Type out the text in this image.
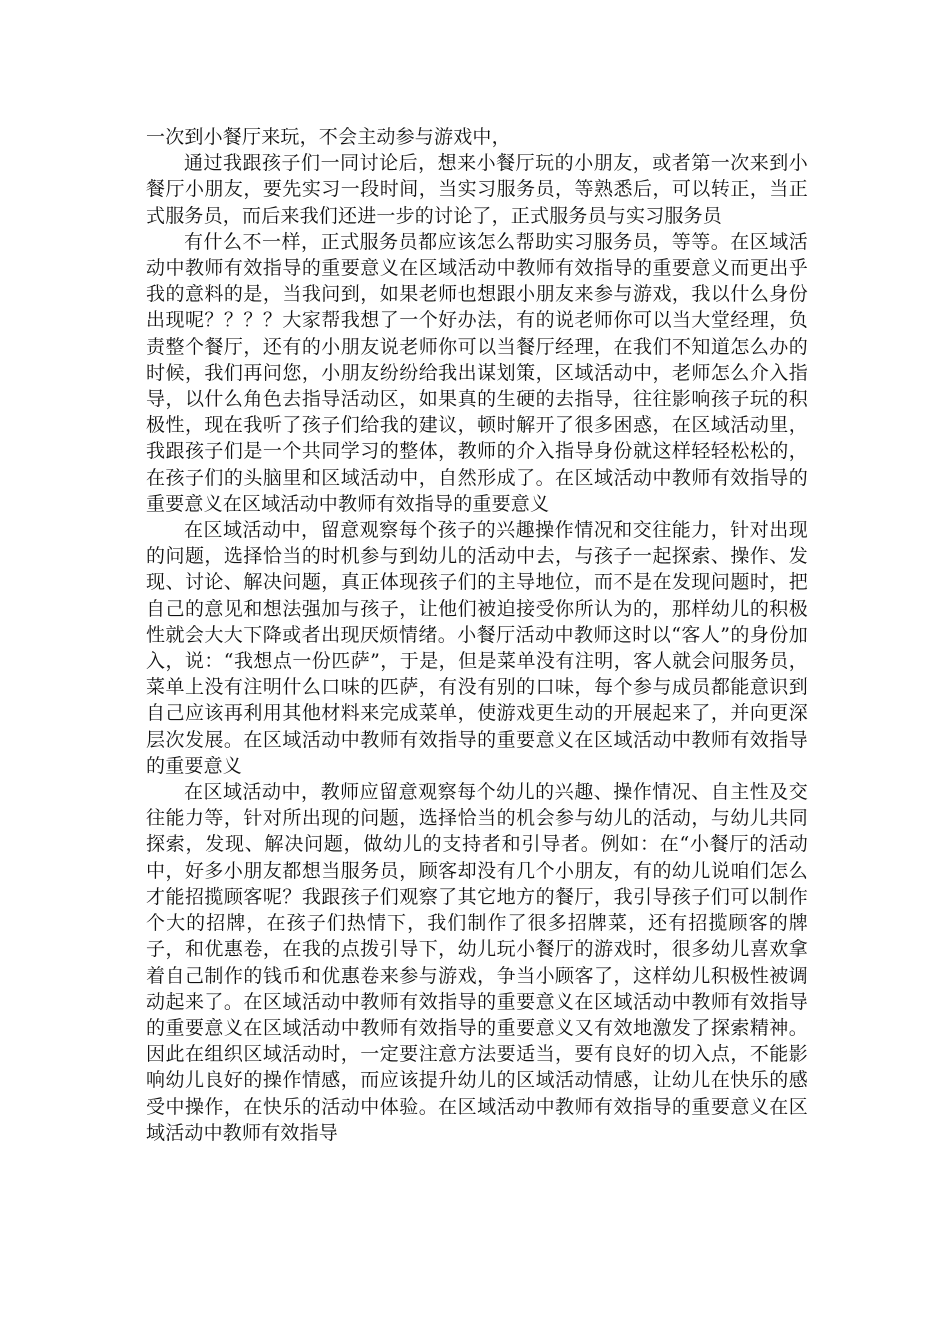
一次到小餐厅来玩，不会主动参与游戏中，

通过我跟孩子们一同讨论后，想来小餐厅玩的小朋友，或者第一次来到小餐厅小朋友，要先实习一段时间，当实习服务员，等熟悉后，可以转正，当正式服务员，而后来我们还进一步的讨论了，正式服务员与实习服务员

有什么不一样，正式服务员都应该怎么帮助实习服务员，等等。在区域活动中教师有效指导的重要意义在区域活动中教师有效指导的重要意义而更出乎我的意料的是，当我问到，如果老师也想跟小朋友来参与游戏，我以什么身份出现呢？？？？大家帮我想了一个好办法，有的说老师你可以当大堂经理，负责整个餐厅，还有的小朋友说老师你可以当餐厅经理，在我们不知道怎么办的时候，我们再问您，小朋友纷纷给我出谋划策，区域活动中，老师怎么介入指导，以什么角色去指导活动区，如果真的生硬的去指导，往往影响孩子玩的积极性，现在我听了孩子们给我的建议，顿时解开了很多困惑，在区域活动里，我跟孩子们是一个共同学习的整体，教师的介入指导身份就这样轻轻松松的，在孩子们的头脑里和区域活动中，自然形成了。在区域活动中教师有效指导的重要意义在区域活动中教师有效指导的重要意义

在区域活动中，留意观察每个孩子的兴趣操作情况和交往能力，针对出现的问题，选择恰当的时机参与到幼儿的活动中去，与孩子一起探索、操作、发现、讨论、解决问题，真正体现孩子们的主导地位，而不是在发现问题时，把自己的意见和想法强加与孩子，让他们被迫接受你所认为的，那样幼儿的积极性就会大大下降或者出现厌烦情绪。小餐厅活动中教师这时以“客人”的身份加入，说：“我想点一份匹萨”，于是，但是菜单没有注明，客人就会问服务员，菜单上没有注明什么口味的匹萨，有没有别的口味，每个参与成员都能意识到自己应该再利用其他材料来完成菜单，使游戏更生动的开展起来了，并向更深层次发展。在区域活动中教师有效指导的重要意义在区域活动中教师有效指导的重要意义

在区域活动中，教师应留意观察每个幼儿的兴趣、操作情况、自主性及交往能力等，针对所出现的问题，选择恰当的机会参与幼儿的活动，与幼儿共同探索，发现、解决问题，做幼儿的支持者和引导者。例如：在“小餐厅的活动中，好多小朋友都想当服务员，顾客却没有几个小朋友，有的幼儿说咱们怎么才能招揽顾客呢？我跟孩子们观察了其它地方的餐厅，我引导孩子们可以制作个大的招牌，在孩子们热情下，我们制作了很多招牌菜，还有招揽顾客的牌子，和优惠卷，在我的点拨引导下，幼儿玩小餐厅的游戏时，很多幼儿喜欢拿着自己制作的钱币和优惠卷来参与游戏，争当小顾客了，这样幼儿积极性被调动起来了。在区域活动中教师有效指导的重要意义在区域活动中教师有效指导的重要意义在区域活动中教师有效指导的重要意义又有效地激发了探索精神。因此在组织区域活动时，一定要注意方法要适当，要有良好的切入点，不能影响幼儿良好的操作情感，而应该提升幼儿的区域活动情感，让幼儿在快乐的感受中操作，在快乐的活动中体验。在区域活动中教师有效指导的重要意义在区域活动中教师有效指导
